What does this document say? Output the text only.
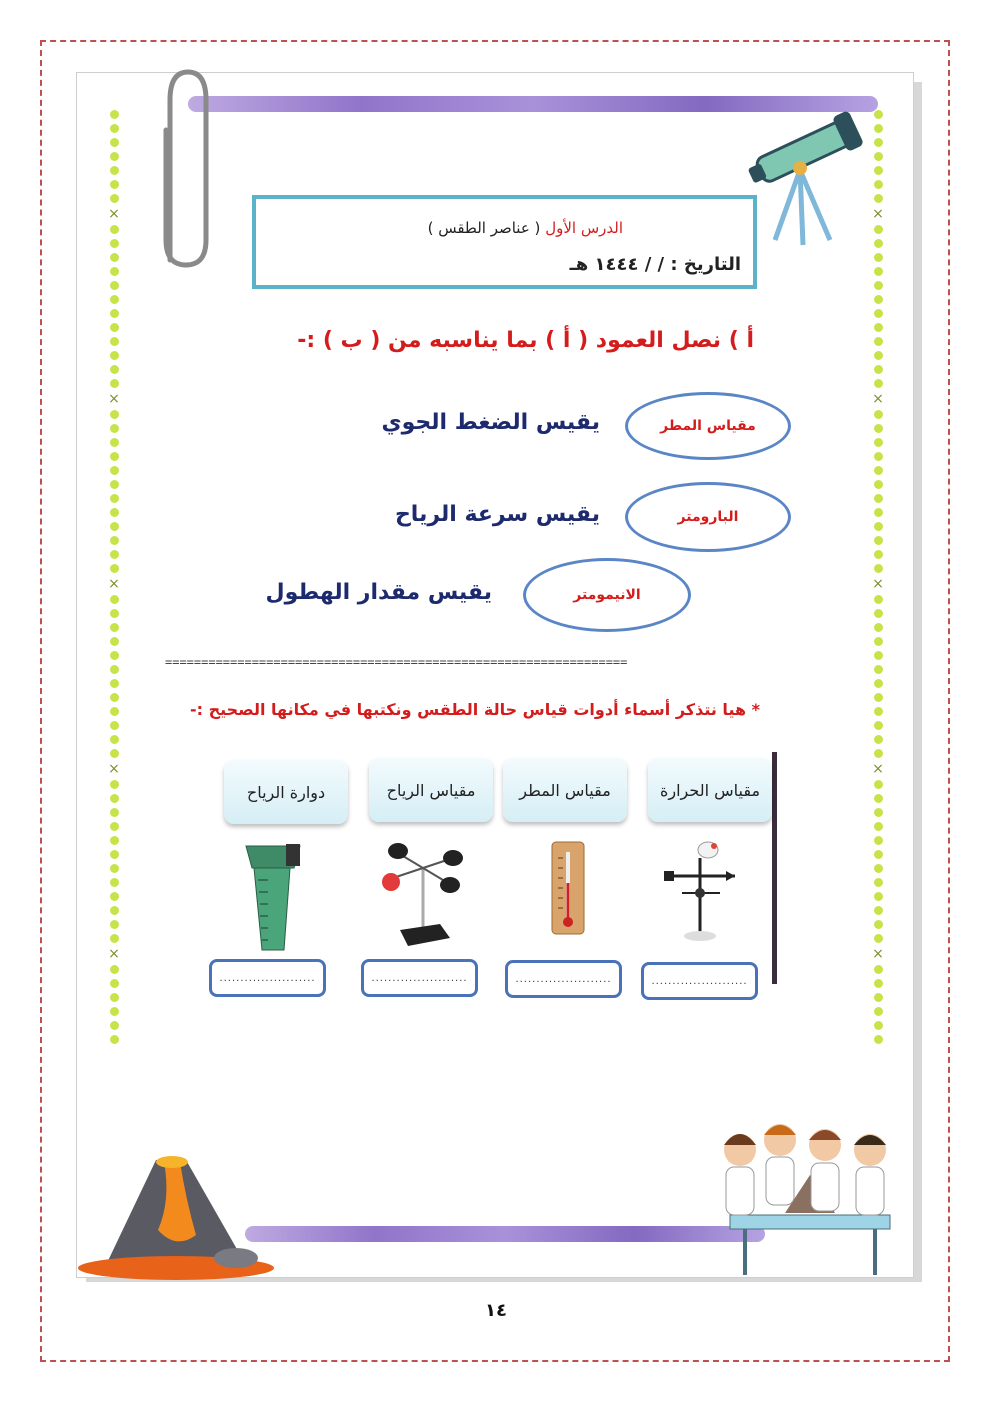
×
×
×
×
×
×
×
×
×
×
الدرس الأول ( عناصر الطقس )
التاريخ : / / ١٤٤٤ هـ
أ ) نصل العمود ( أ ) بما يناسبه من ( ب ) :-
مقياس المطر
يقيس الضغط الجوي
البارومتر
يقيس سرعة الرياح
الانيمومتر
يقيس مقدار الهطول
================================================================
* هيا نتذكر أسماء أدوات قياس حالة الطقس ونكتبها في مكانها الصحيح :-
مقياس الحرارة
مقياس المطر
مقياس الرياح
دوارة الرياح
.......................
.......................
.......................
.......................
١٤
